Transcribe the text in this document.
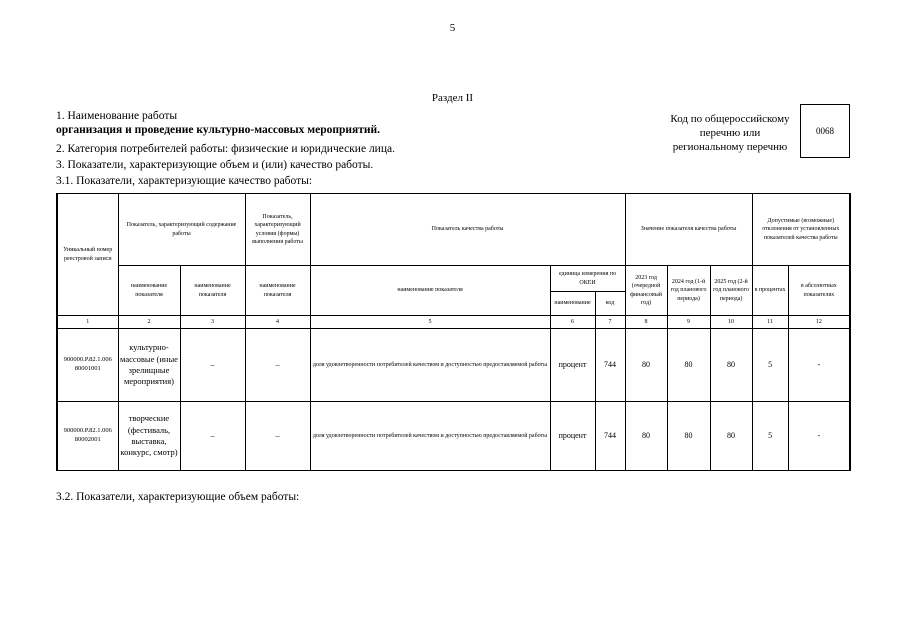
5
Раздел II
1. Наименование работы
организация и проведение культурно-массовых мероприятий.
2. Категория потребителей работы: физические и юридические лица.
3. Показатели, характеризующие объем и (или) качество работы.
3.1. Показатели, характеризующие качество работы:
Код по общероссийскому
перечню или
региональному перечню
0068
Уникальный номер реестровой записи	Показатель, характеризующий содержание работы		Показатель, характеризующий условия (формы) выполнения работы	Показатель качества работы			Значение показателя качества работы			Допустимые (возможные) отклонения от установленных показателей качества работы	
	наименование показателя	наименование показателя	наименование показателя	наименование показателя	единица измерения по ОКЕИ		2023 год (очередной финансовый год)	2024 год (1-й год планового периода)	2025 год (2-й год планового периода)	в процентах	в абсолютных показателях
					наименование	код					
1	2	3	4	5	6	7	8	9	10	11	12
900000.Р.82.1.006 80001001	культурно-массовые (иные зрелищные мероприятия)	–	–	доля удовлетворенности потребителей качеством и доступностью предоставляемой работы	процент	744	80	80	80	5	-
900000.Р.82.1.006 80002001	творческие (фестиваль, выставка, конкурс, смотр)	–	–	доля удовлетворенности потребителей качеством и доступностью предоставляемой работы	процент	744	80	80	80	5	-
3.2. Показатели, характеризующие объем работы:
